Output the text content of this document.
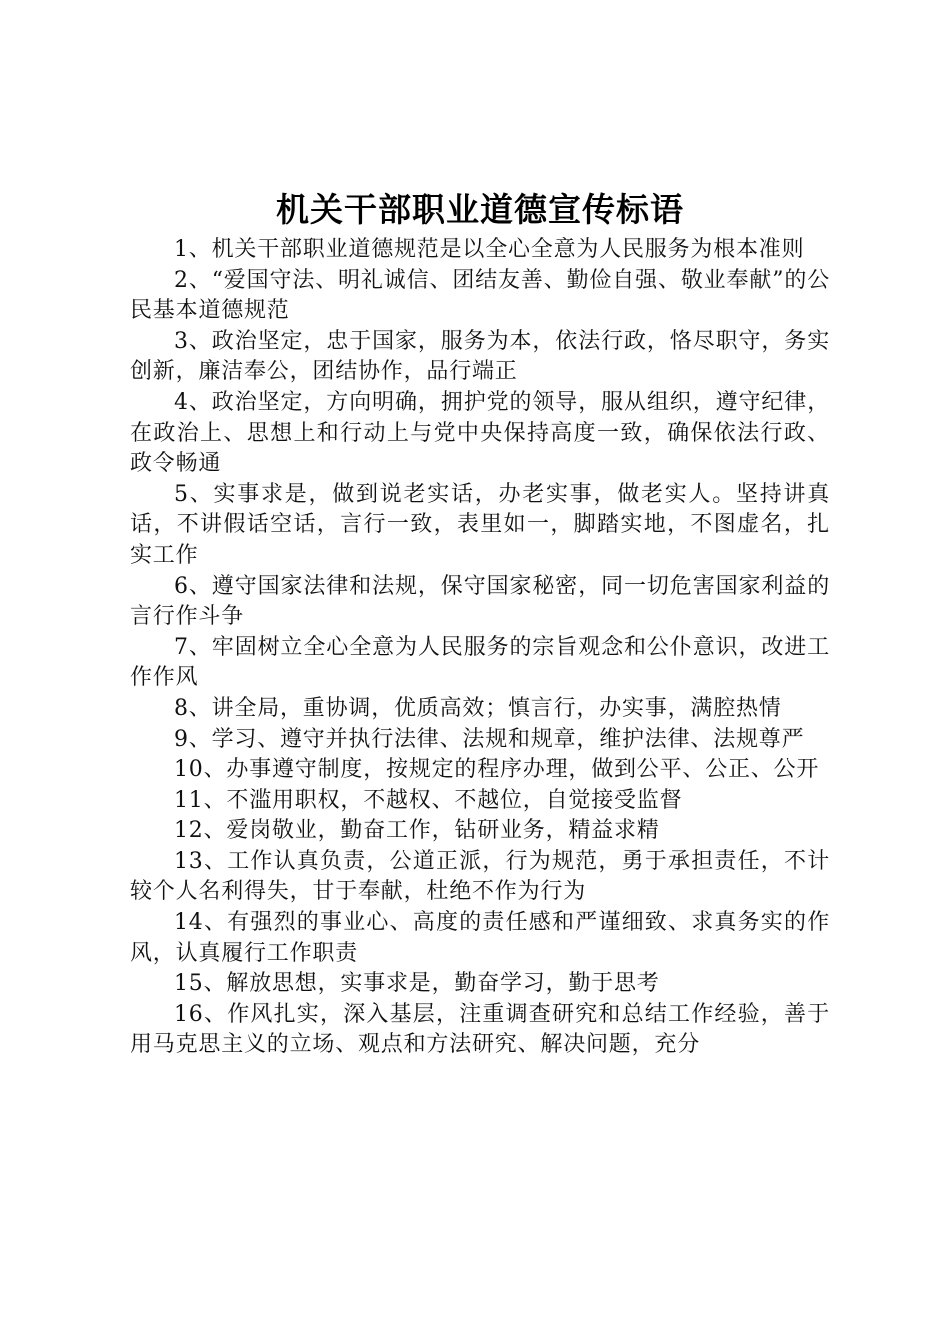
机关干部职业道德宣传标语

1、机关干部职业道德规范是以全心全意为人民服务为根本准则

2、“爱国守法、明礼诚信、团结友善、勤俭自强、敬业奉献”的公民基本道德规范

3、政治坚定，忠于国家，服务为本，依法行政，恪尽职守，务实创新，廉洁奉公，团结协作，品行端正

4、政治坚定，方向明确，拥护党的领导，服从组织，遵守纪律，在政治上、思想上和行动上与党中央保持高度一致，确保依法行政、政令畅通

5、实事求是，做到说老实话，办老实事，做老实人。坚持讲真话，不讲假话空话，言行一致，表里如一，脚踏实地，不图虚名，扎实工作

6、遵守国家法律和法规，保守国家秘密，同一切危害国家利益的言行作斗争

7、牢固树立全心全意为人民服务的宗旨观念和公仆意识，改进工作作风

8、讲全局，重协调，优质高效；慎言行，办实事，满腔热情

9、学习、遵守并执行法律、法规和规章，维护法律、法规尊严

10、办事遵守制度，按规定的程序办理，做到公平、公正、公开

11、不滥用职权，不越权、不越位，自觉接受监督

12、爱岗敬业，勤奋工作，钻研业务，精益求精

13、工作认真负责，公道正派，行为规范，勇于承担责任，不计较个人名利得失，甘于奉献，杜绝不作为行为

14、有强烈的事业心、高度的责任感和严谨细致、求真务实的作风，认真履行工作职责

15、解放思想，实事求是，勤奋学习，勤于思考

16、作风扎实，深入基层，注重调查研究和总结工作经验，善于用马克思主义的立场、观点和方法研究、解决问题，充分
